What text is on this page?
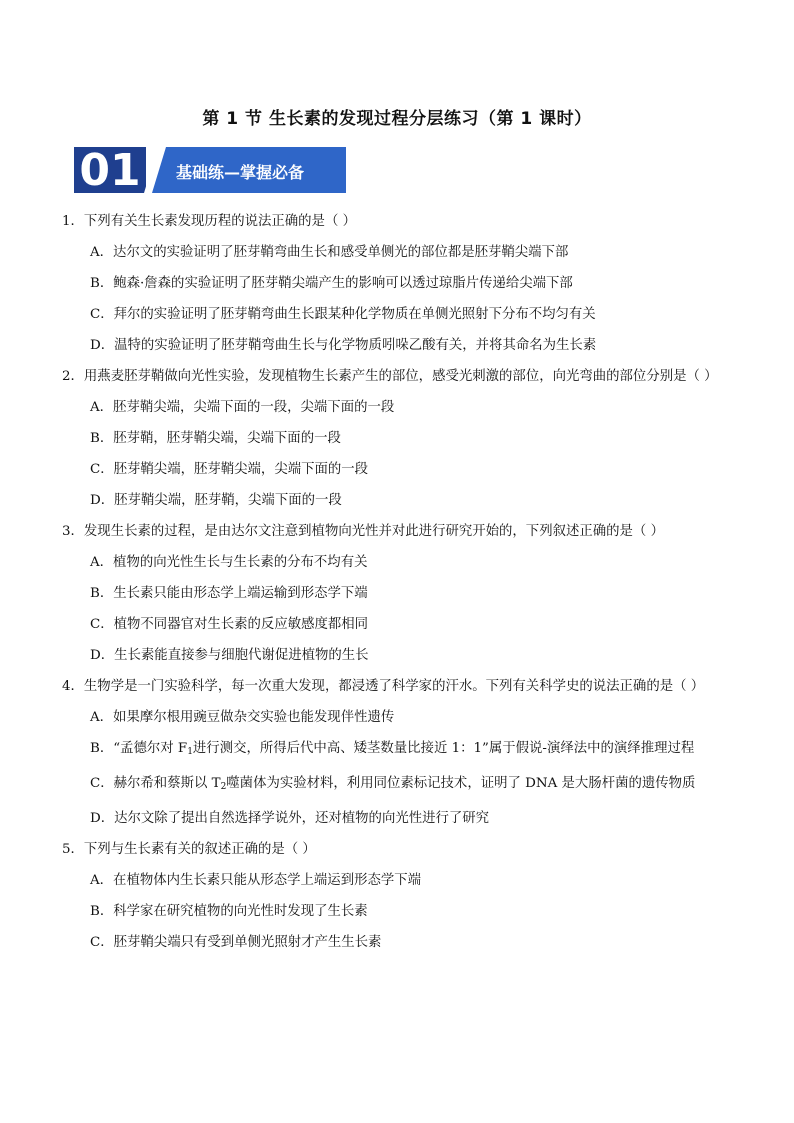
第 1 节 生长素的发现过程分层练习（第 1 课时）
01 基础练—掌握必备
1．下列有关生长素发现历程的说法正确的是（ ）
A．达尔文的实验证明了胚芽鞘弯曲生长和感受单侧光的部位都是胚芽鞘尖端下部
B．鲍森·詹森的实验证明了胚芽鞘尖端产生的影响可以透过琼脂片传递给尖端下部
C．拜尔的实验证明了胚芽鞘弯曲生长跟某种化学物质在单侧光照射下分布不均匀有关
D．温特的实验证明了胚芽鞘弯曲生长与化学物质吲哚乙酸有关，并将其命名为生长素
2．用燕麦胚芽鞘做向光性实验，发现植物生长素产生的部位，感受光刺激的部位，向光弯曲的部位分别是（ ）
A．胚芽鞘尖端，尖端下面的一段，尖端下面的一段
B．胚芽鞘，胚芽鞘尖端，尖端下面的一段
C．胚芽鞘尖端，胚芽鞘尖端，尖端下面的一段
D．胚芽鞘尖端，胚芽鞘，尖端下面的一段
3．发现生长素的过程，是由达尔文注意到植物向光性并对此进行研究开始的，下列叙述正确的是（ ）
A．植物的向光性生长与生长素的分布不均有关
B．生长素只能由形态学上端运输到形态学下端
C．植物不同器官对生长素的反应敏感度都相同
D．生长素能直接参与细胞代谢促进植物的生长
4．生物学是一门实验科学，每一次重大发现，都浸透了科学家的汗水。下列有关科学史的说法正确的是（ ）
A．如果摩尔根用豌豆做杂交实验也能发现伴性遗传
B．“孟德尔对 $F_1$进行测交，所得后代中高、矮茎数量比接近 1：1”属于假说-演绎法中的演绎推理过程
C．赫尔希和蔡斯以 $T_2$噬菌体为实验材料，利用同位素标记技术，证明了 DNA 是大肠杆菌的遗传物质
D．达尔文除了提出自然选择学说外，还对植物的向光性进行了研究
5．下列与生长素有关的叙述正确的是（ ）
A．在植物体内生长素只能从形态学上端运到形态学下端
B．科学家在研究植物的向光性时发现了生长素
C．胚芽鞘尖端只有受到单侧光照射才产生生长素
